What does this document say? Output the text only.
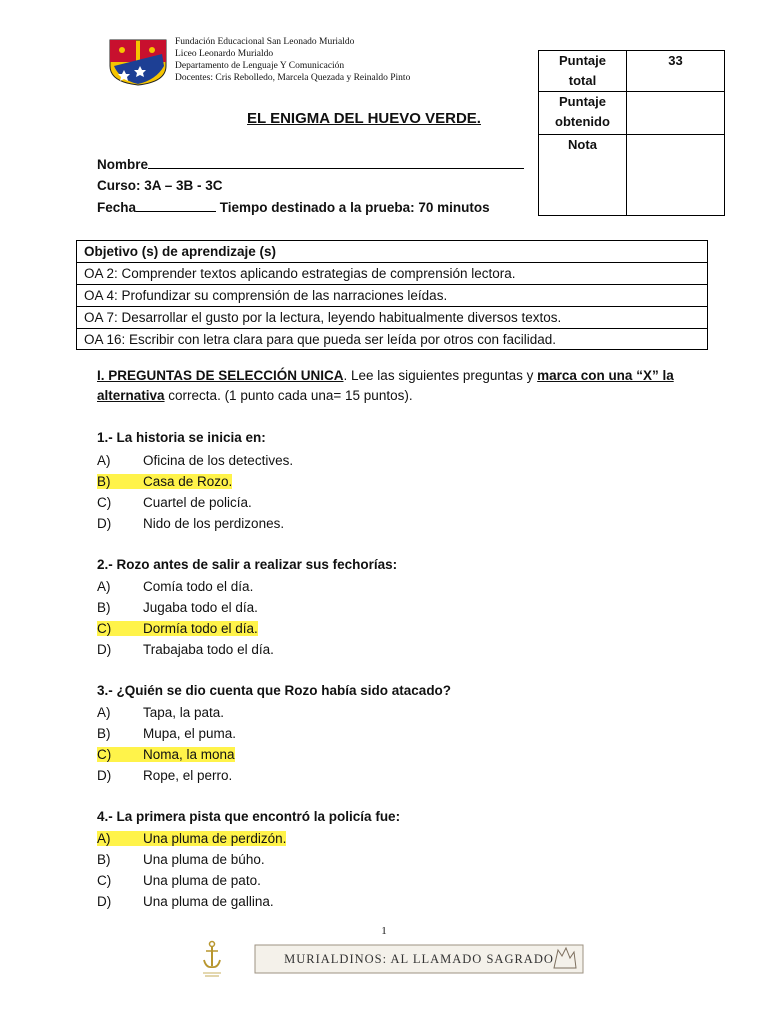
Fundación Educacional San Leonado Murialdo
Liceo Leonardo Murialdo
Departamento de Lenguaje Y Comunicación
Docentes: Cris Rebolledo, Marcela Quezada y Reinaldo Pinto
Puntaje
total	33

Puntaje
obtenido	

Nota	

EL ENIGMA DEL HUEVO VERDE.
Nombre
Curso: 3A – 3B - 3C
Fecha	Tiempo destinado a la prueba: 70 minutos
Objetivo (s) de aprendizaje (s)
OA 2: Comprender textos aplicando estrategias de comprensión lectora.
OA 4: Profundizar su comprensión de las narraciones leídas.
OA 7: Desarrollar el gusto por la lectura, leyendo habitualmente diversos textos.
OA 16: Escribir con letra clara para que pueda ser leída por otros con facilidad.
I. PREGUNTAS DE SELECCIÓN UNICA. Lee las siguientes preguntas y marca con una “X” la alternativa correcta. (1 punto cada una= 15 puntos).
1.- La historia se inicia en:
A) Oficina de los detectives.
B) Casa de Rozo.
C) Cuartel de policía.
D) Nido de los perdizones.
2.- Rozo antes de salir a realizar sus fechorías:
A) Comía todo el día.
B) Jugaba todo el día.
C) Dormía todo el día.
D) Trabajaba todo el día.
3.- ¿Quién se dio cuenta que Rozo había sido atacado?
A) Tapa, la pata.
B) Mupa, el puma.
C) Noma, la mona
D) Rope, el perro.
4.- La primera pista que encontró la policía fue:
A) Una pluma de perdizón.
B) Una pluma de búho.
C) Una pluma de pato.
D) Una pluma de gallina.
1
MURIALDINOS: AL LLAMADO SAGRADO
